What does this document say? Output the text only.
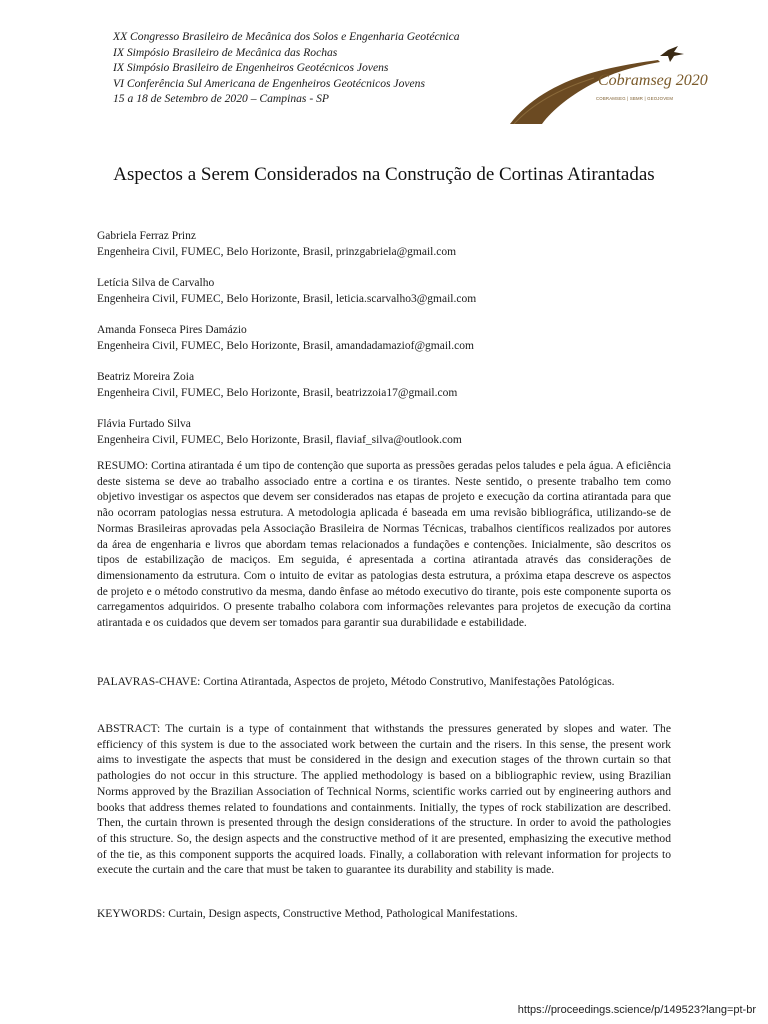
XX Congresso Brasileiro de Mecânica dos Solos e Engenharia Geotécnica
IX Simpósio Brasileiro de Mecânica das Rochas
IX Simpósio Brasileiro de Engenheiros Geotécnicos Jovens
VI Conferência Sul Americana de Engenheiros Geotécnicos Jovens
15 a 18 de Setembro de 2020 – Campinas - SP
Cobramseg 2020
COBRAMSEG | SBMR | GEOJOVEM
Aspectos a Serem Considerados na Construção de Cortinas Atirantadas
Gabriela Ferraz Prinz
Engenheira Civil, FUMEC, Belo Horizonte, Brasil, prinzgabriela@gmail.com
Letícia Silva de Carvalho
Engenheira Civil, FUMEC, Belo Horizonte, Brasil, leticia.scarvalho3@gmail.com
Amanda Fonseca Pires Damázio
Engenheira Civil, FUMEC, Belo Horizonte, Brasil, amandadamaziof@gmail.com
Beatriz Moreira Zoia
Engenheira Civil, FUMEC, Belo Horizonte, Brasil, beatrizzoia17@gmail.com
Flávia Furtado Silva
Engenheira Civil, FUMEC, Belo Horizonte, Brasil, flaviaf_silva@outlook.com

RESUMO: Cortina atirantada é um tipo de contenção que suporta as pressões geradas pelos taludes e pela água. A eficiência deste sistema se deve ao trabalho associado entre a cortina e os tirantes. Neste sentido, o presente trabalho tem como objetivo investigar os aspectos que devem ser considerados nas etapas de projeto e execução da cortina atirantada para que não ocorram patologias nessa estrutura. A metodologia aplicada é baseada em uma revisão bibliográfica, utilizando-se de Normas Brasileiras aprovadas pela Associação Brasileira de Normas Técnicas, trabalhos científicos realizados por autores da área de engenharia e livros que abordam temas relacionados a fundações e contenções. Inicialmente, são descritos os tipos de estabilização de maciços. Em seguida, é apresentada a cortina atirantada através das considerações de dimensionamento da estrutura. Com o intuito de evitar as patologias desta estrutura, a próxima etapa descreve os aspectos de projeto e o método construtivo da mesma, dando ênfase ao método executivo do tirante, pois este componente suporta os carregamentos adquiridos. O presente trabalho colabora com informações relevantes para projetos de execução da cortina atirantada e os cuidados que devem ser tomados para garantir sua durabilidade e estabilidade.

PALAVRAS-CHAVE: Cortina Atirantada, Aspectos de projeto, Método Construtivo, Manifestações Patológicas.

ABSTRACT: The curtain is a type of containment that withstands the pressures generated by slopes and water. The efficiency of this system is due to the associated work between the curtain and the risers. In this sense, the present work aims to investigate the aspects that must be considered in the design and execution stages of the thrown curtain so that pathologies do not occur in this structure. The applied methodology is based on a bibliographic review, using Brazilian Norms approved by the Brazilian Association of Technical Norms, scientific works carried out by engineering authors and books that address themes related to foundations and containments. Initially, the types of rock stabilization are described. Then, the curtain thrown is presented through the design considerations of the structure. In order to avoid the pathologies of this structure. So, the design aspects and the constructive method of it are presented, emphasizing the executive method of the tie, as this component supports the acquired loads. Finally, a collaboration with relevant information for projects to execute the curtain and the care that must be taken to guarantee its durability and stability is made.

KEYWORDS: Curtain, Design aspects, Constructive Method, Pathological Manifestations.

https://proceedings.science/p/149523?lang=pt-br
